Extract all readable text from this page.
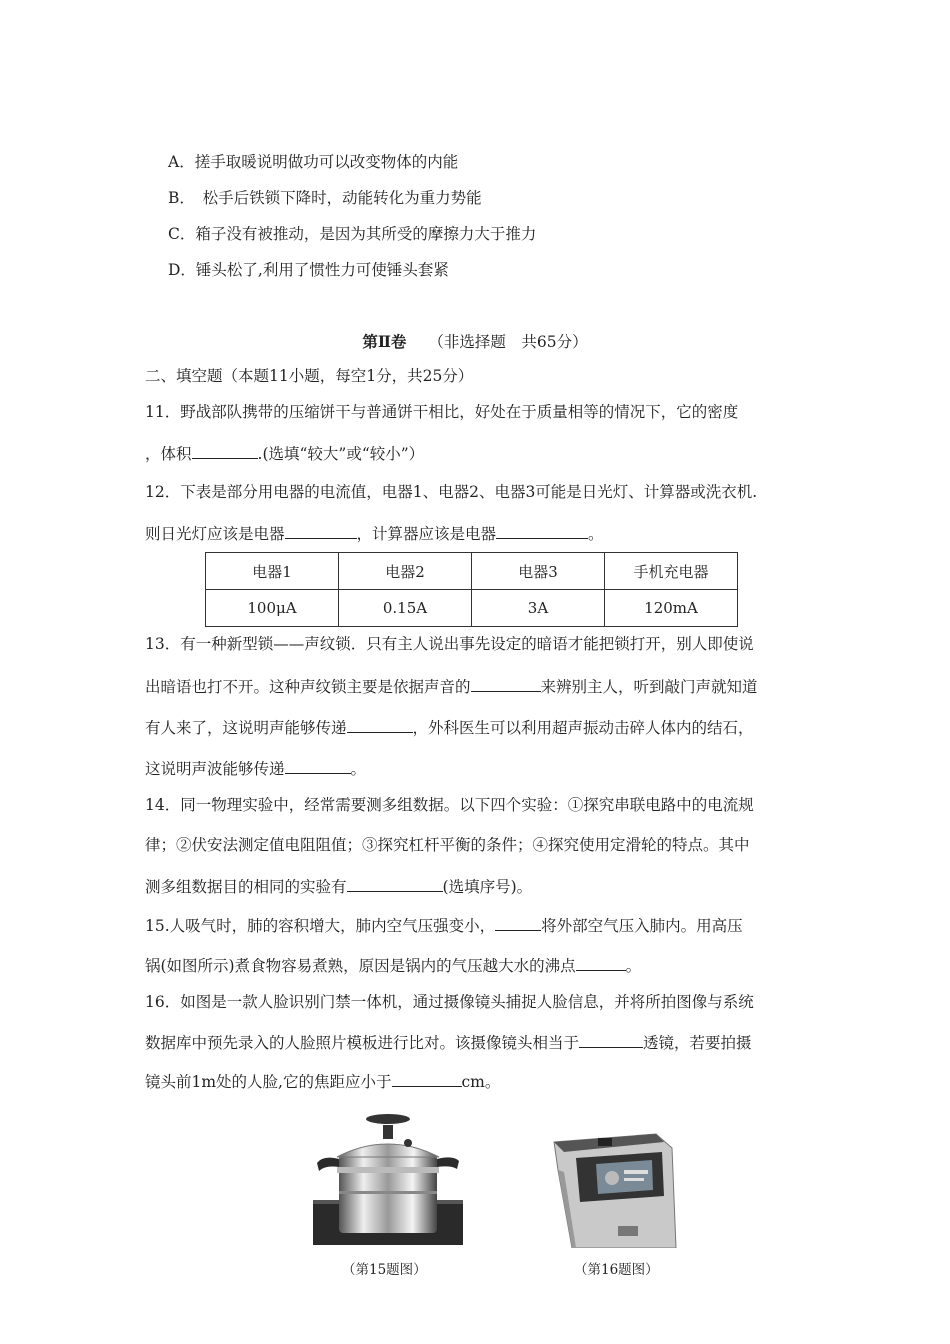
A．搓手取暖说明做功可以改变物体的内能
B．　松手后铁锁下降时，动能转化为重力势能
C．箱子没有被推动，是因为其所受的摩擦力大于推力
D．锤头松了,利用了惯性力可使锤头套紧
第Ⅱ卷 （非选择题　共65分）
二、填空题（本题11小题，每空1分，共25分）
11．野战部队携带的压缩饼干与普通饼干相比，好处在于质量相等的情况下，它的密度
，体积	.(选填“较大”或“较小”）
12．下表是部分用电器的电流值，电器1、电器2、电器3可能是日光灯、计算器或洗衣机.
则日光灯应该是电器	，计算器应该是电器	。
电器1	电器2	电器3	手机充电器
100μA	0.15A	3A	120mA
13．有一种新型锁——声纹锁．只有主人说出事先设定的暗语才能把锁打开，别人即使说
出暗语也打不开。这种声纹锁主要是依据声音的	来辨别主人，听到敲门声就知道
有人来了，这说明声能够传递	，外科医生可以利用超声振动击碎人体内的结石，
这说明声波能够传递	。
14．同一物理实验中，经常需要测多组数据。以下四个实验：①探究串联电路中的电流规
律；②伏安法测定值电阻阻值；③探究杠杆平衡的条件；④探究使用定滑轮的特点。其中
测多组数据目的相同的实验有	(选填序号)。
15.人吸气时，肺的容积增大，肺内空气压强变小，	将外部空气压入肺内。用高压
锅(如图所示)煮食物容易煮熟，原因是锅内的气压越大水的沸点	。
16．如图是一款人脸识别门禁一体机，通过摄像镜头捕捉人脸信息，并将所拍图像与系统
数据库中预先录入的人脸照片模板进行比对。该摄像镜头相当于	透镜，若要拍摄
镜头前1m处的人脸,它的焦距应小于	cm。
（第15题图）	（第16题图）
